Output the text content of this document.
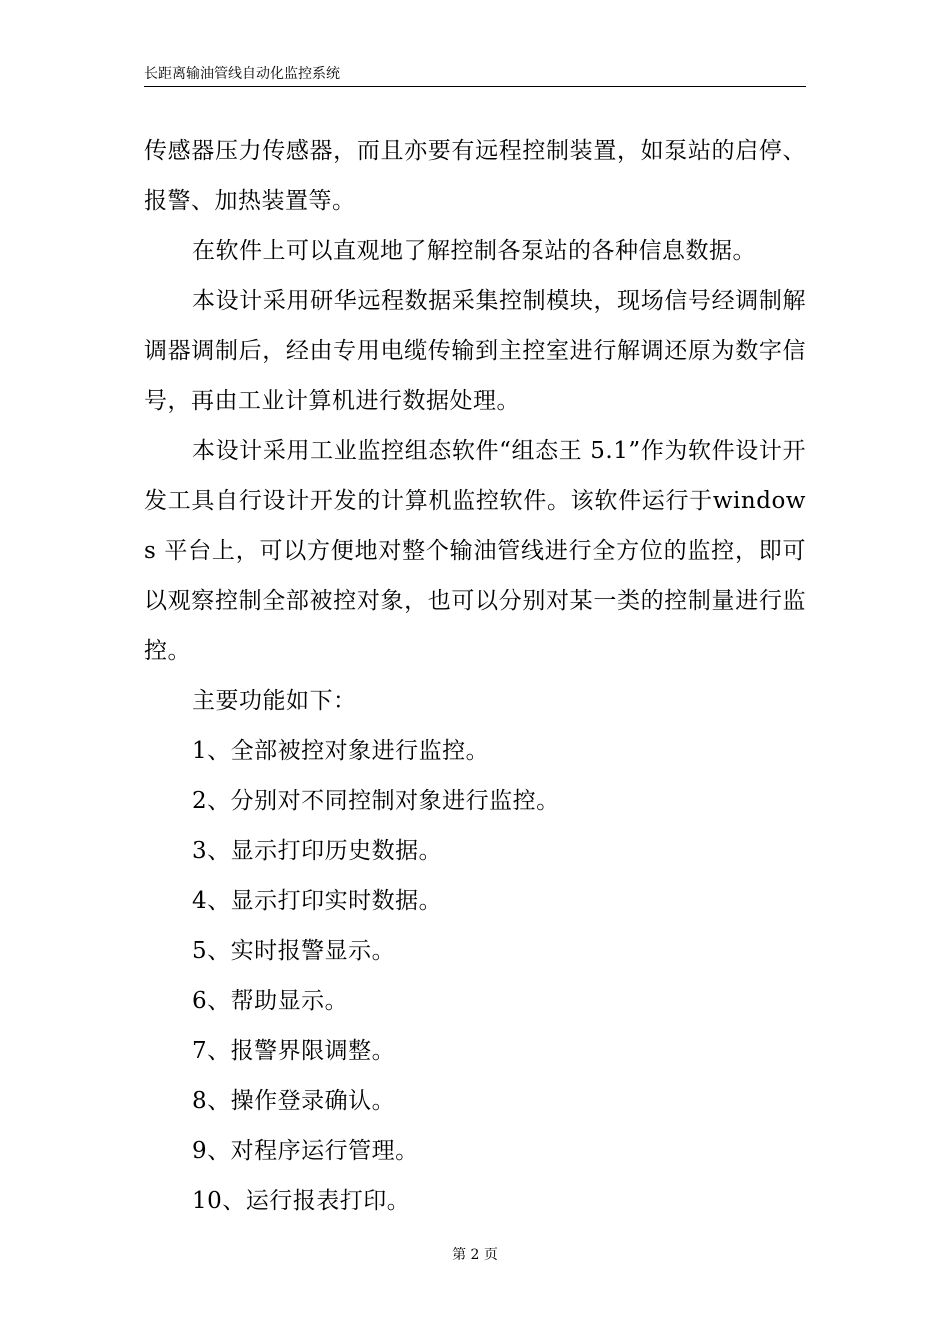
长距离输油管线自动化监控系统

传感器压力传感器，而且亦要有远程控制装置，如泵站的启停、报警、加热装置等。

在软件上可以直观地了解控制各泵站的各种信息数据。

本设计采用研华远程数据采集控制模块，现场信号经调制解调器调制后，经由专用电缆传输到主控室进行解调还原为数字信号，再由工业计算机进行数据处理。

本设计采用工业监控组态软件“组态王 5.1”作为软件设计开发工具自行设计开发的计算机监控软件。该软件运行于windows 平台上，可以方便地对整个输油管线进行全方位的监控，即可以观察控制全部被控对象，也可以分别对某一类的控制量进行监控。

主要功能如下：

1、全部被控对象进行监控。

2、分别对不同控制对象进行监控。

3、显示打印历史数据。

4、显示打印实时数据。

5、实时报警显示。

6、帮助显示。

7、报警界限调整。

8、操作登录确认。

9、对程序运行管理。

10、运行报表打印。

第 2 页
